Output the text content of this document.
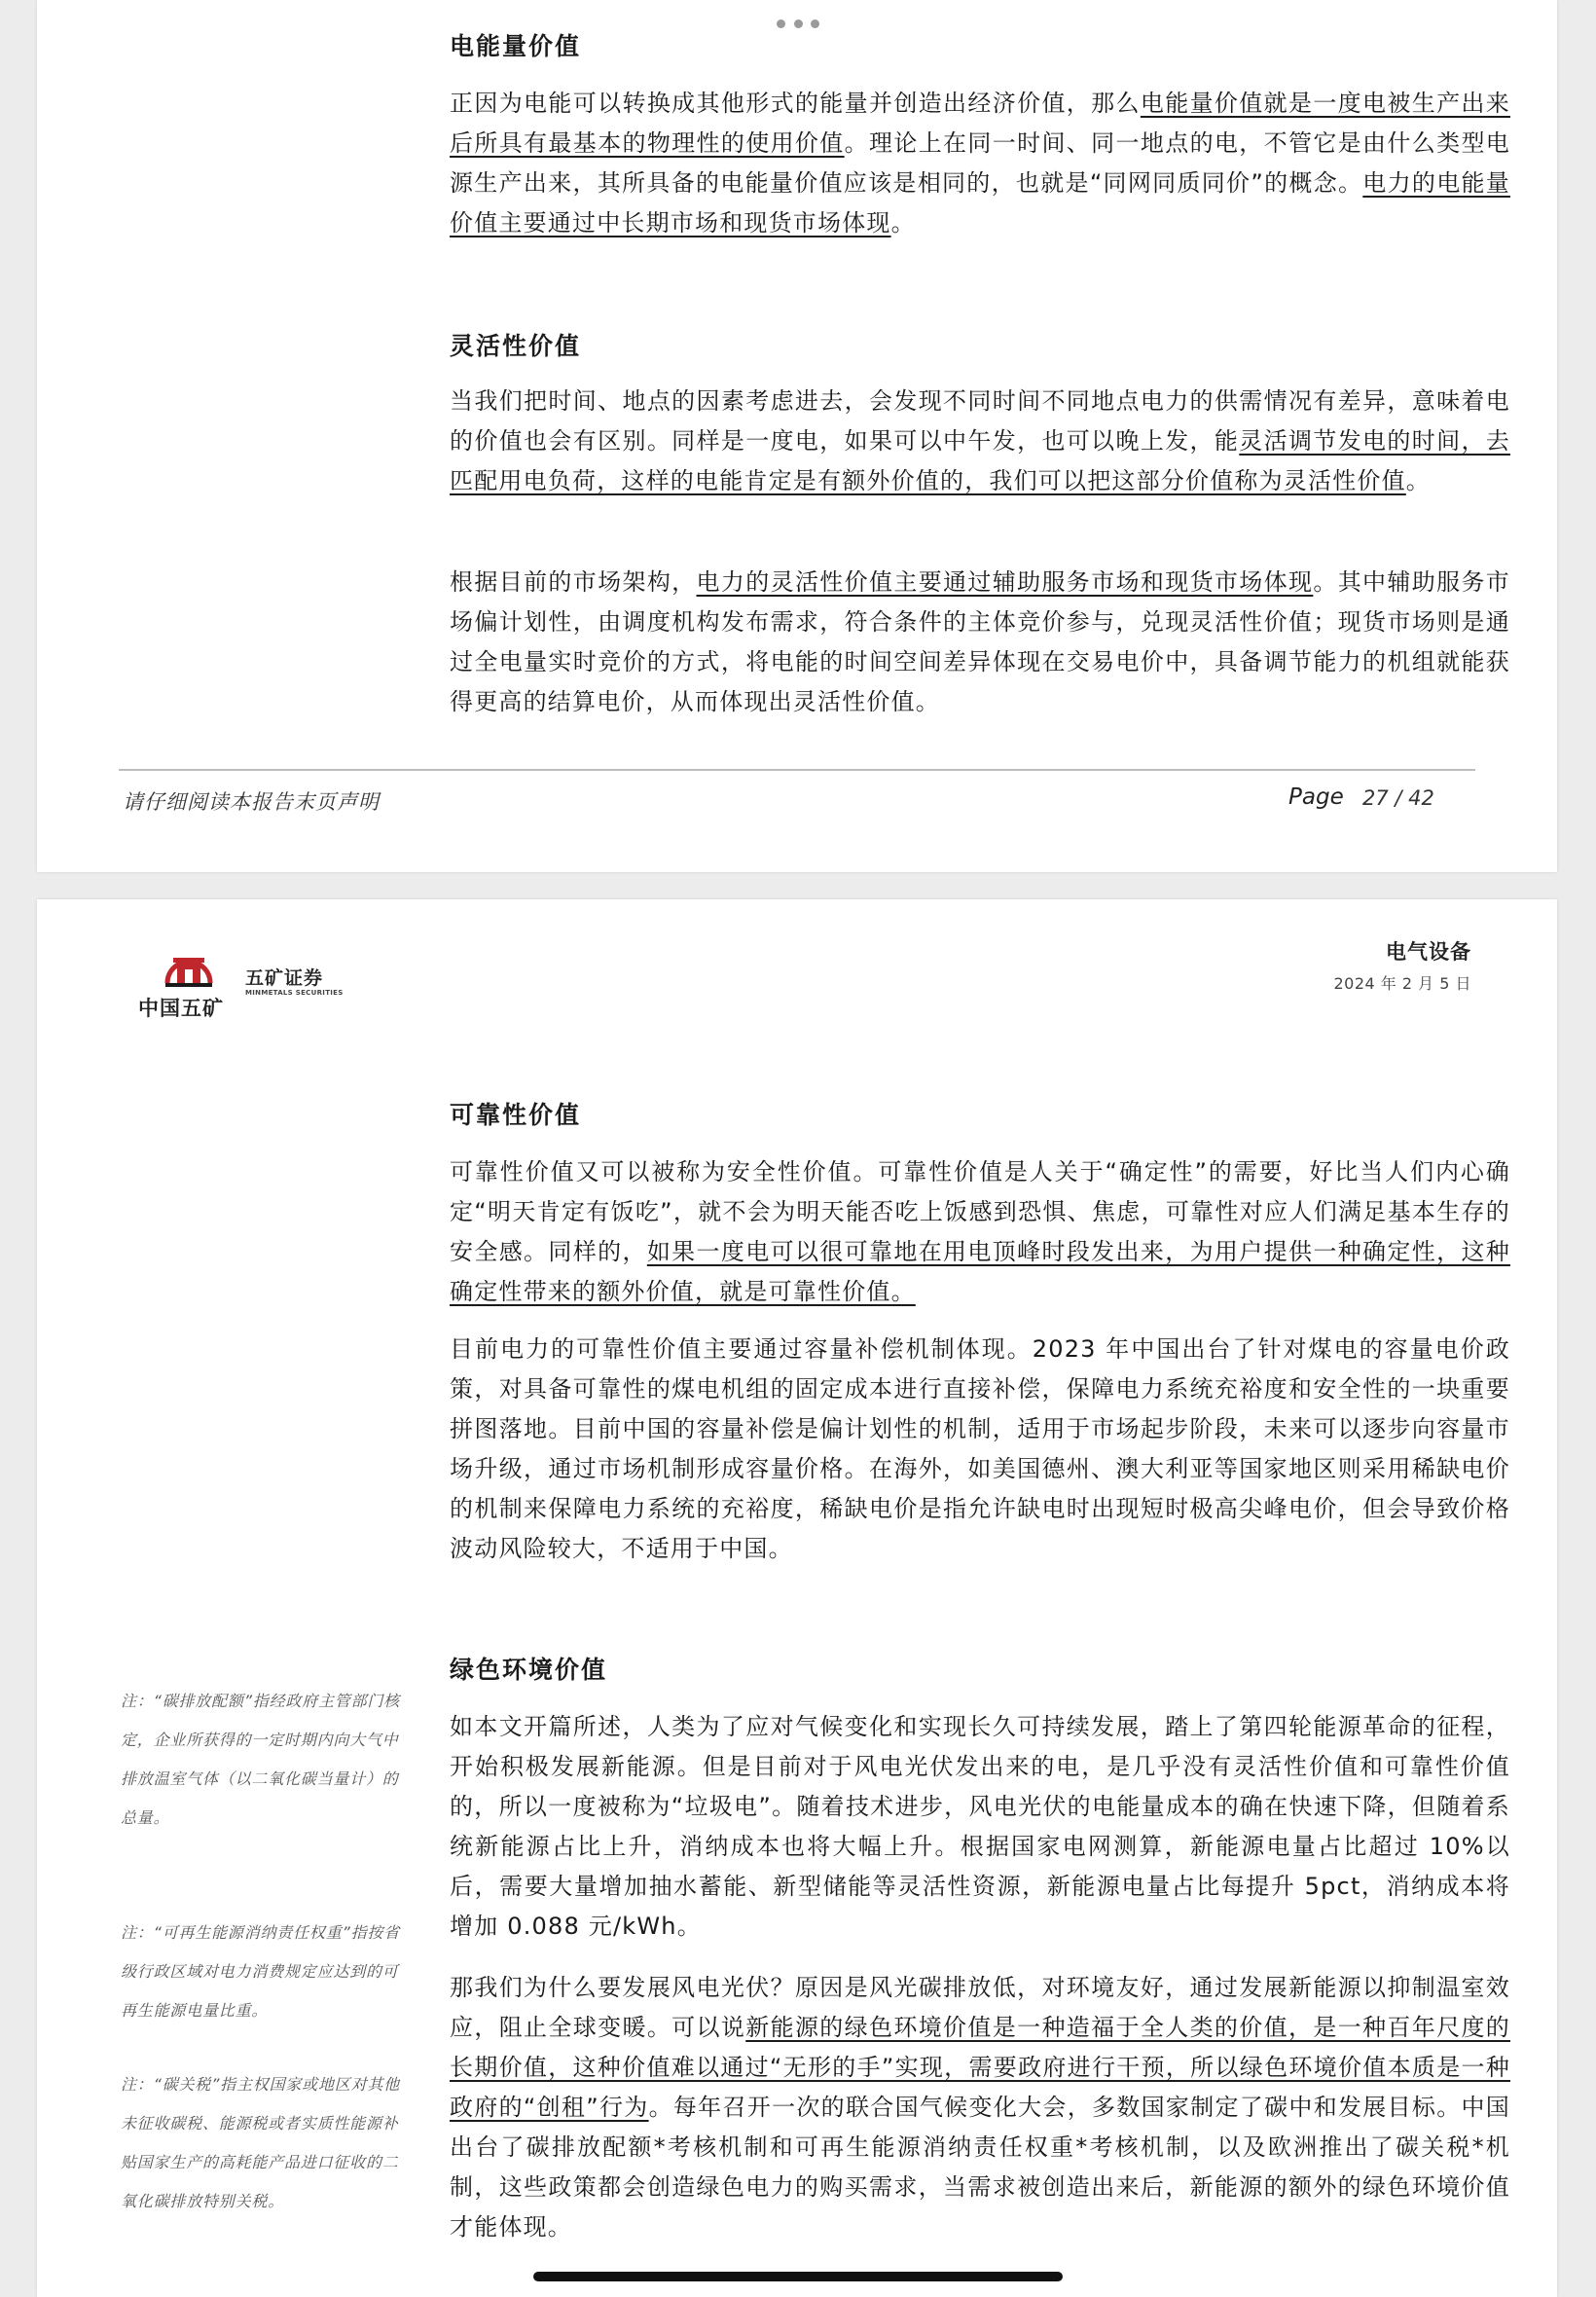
电能量价值

正因为电能可以转换成其他形式的能量并创造出经济价值，那么电能量价值就是一度电被生产出来后所具有最基本的物理性的使用价值。理论上在同一时间、同一地点的电，不管它是由什么类型电源生产出来，其所具备的电能量价值应该是相同的，也就是“同网同质同价”的概念。电力的电能量价值主要通过中长期市场和现货市场体现。

灵活性价值

当我们把时间、地点的因素考虑进去，会发现不同时间不同地点电力的供需情况有差异，意味着电的价值也会有区别。同样是一度电，如果可以中午发，也可以晚上发，能灵活调节发电的时间，去匹配用电负荷，这样的电能肯定是有额外价值的，我们可以把这部分价值称为灵活性价值。

根据目前的市场架构，电力的灵活性价值主要通过辅助服务市场和现货市场体现。其中辅助服务市场偏计划性，由调度机构发布需求，符合条件的主体竞价参与，兑现灵活性价值；现货市场则是通过全电量实时竞价的方式，将电能的时间空间差异体现在交易电价中，具备调节能力的机组就能获得更高的结算电价，从而体现出灵活性价值。

请仔细阅读本报告末页声明	Page 27 / 42
中国五矿
五矿证券
MINMETALS SECURITIES
电气设备
2024 年 2 月 5 日
可靠性价值

可靠性价值又可以被称为安全性价值。可靠性价值是人关于“确定性”的需要，好比当人们内心确定“明天肯定有饭吃”，就不会为明天能否吃上饭感到恐惧、焦虑，可靠性对应人们满足基本生存的安全感。同样的，如果一度电可以很可靠地在用电顶峰时段发出来，为用户提供一种确定性，这种确定性带来的额外价值，就是可靠性价值。

目前电力的可靠性价值主要通过容量补偿机制体现。2023 年中国出台了针对煤电的容量电价政策，对具备可靠性的煤电机组的固定成本进行直接补偿，保障电力系统充裕度和安全性的一块重要拼图落地。目前中国的容量补偿是偏计划性的机制，适用于市场起步阶段，未来可以逐步向容量市场升级，通过市场机制形成容量价格。在海外，如美国德州、澳大利亚等国家地区则采用稀缺电价的机制来保障电力系统的充裕度，稀缺电价是指允许缺电时出现短时极高尖峰电价，但会导致价格波动风险较大，不适用于中国。

绿色环境价值

如本文开篇所述，人类为了应对气候变化和实现长久可持续发展，踏上了第四轮能源革命的征程，开始积极发展新能源。但是目前对于风电光伏发出来的电，是几乎没有灵活性价值和可靠性价值的，所以一度被称为“垃圾电”。随着技术进步，风电光伏的电能量成本的确在快速下降，但随着系统新能源占比上升，消纳成本也将大幅上升。根据国家电网测算，新能源电量占比超过 10%以后，需要大量增加抽水蓄能、新型储能等灵活性资源，新能源电量占比每提升 5pct，消纳成本将增加 0.088 元/kWh。

那我们为什么要发展风电光伏？原因是风光碳排放低，对环境友好，通过发展新能源以抑制温室效应，阻止全球变暖。可以说新能源的绿色环境价值是一种造福于全人类的价值，是一种百年尺度的长期价值，这种价值难以通过“无形的手”实现，需要政府进行干预，所以绿色环境价值本质是一种政府的“创租”行为。每年召开一次的联合国气候变化大会，多数国家制定了碳中和发展目标。中国出台了碳排放配额*考核机制和可再生能源消纳责任权重*考核机制，以及欧洲推出了碳关税*机制，这些政策都会创造绿色电力的购买需求，当需求被创造出来后，新能源的额外的绿色环境价值才能体现。

注：“碳排放配额”指经政府主管部门核定，企业所获得的一定时期内向大气中排放温室气体（以二氧化碳当量计）的总量。

注：“可再生能源消纳责任权重”指按省级行政区域对电力消费规定应达到的可再生能源电量比重。

注：“碳关税”指主权国家或地区对其他未征收碳税、能源税或者实质性能源补贴国家生产的高耗能产品进口征收的二氧化碳排放特别关税。
